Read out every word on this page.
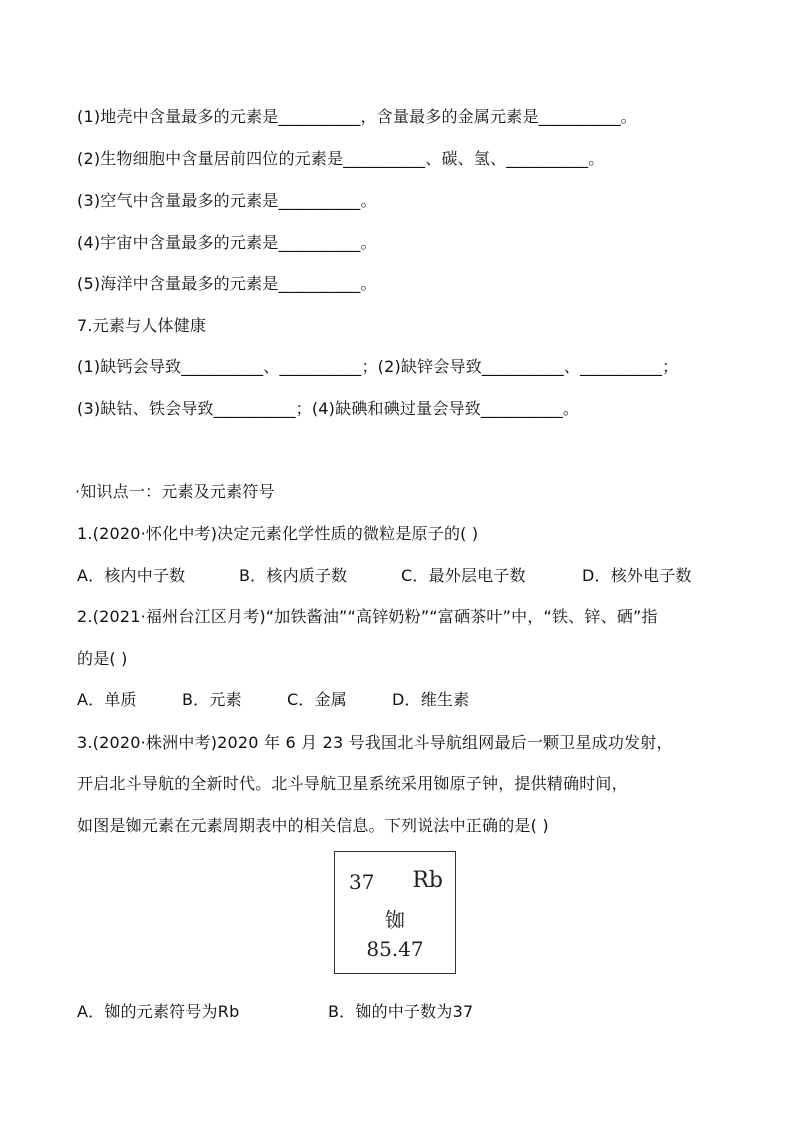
(1)地壳中含量最多的元素是__________，含量最多的金属元素是__________。
(2)生物细胞中含量居前四位的元素是__________、碳、氢、__________。
(3)空气中含量最多的元素是__________。
(4)宇宙中含量最多的元素是__________。
(5)海洋中含量最多的元素是__________。
7.元素与人体健康
(1)缺钙会导致__________、__________；(2)缺锌会导致__________、__________；
(3)缺钴、铁会导致__________；(4)缺碘和碘过量会导致__________。
·知识点一：元素及元素符号
1.(2020·怀化中考)决定元素化学性质的微粒是原子的( )
A．核内中子数	B．核内质子数	C．最外层电子数	D．核外电子数
2.(2021·福州台江区月考)“加铁酱油”“高锌奶粉”“富硒茶叶”中，“铁、锌、硒”指
的是( )
A．单质	B．元素	C．金属	D．维生素
3.(2020·株洲中考)2020 年 6 月 23 号我国北斗导航组网最后一颗卫星成功发射，
开启北斗导航的全新时代。北斗导航卫星系统采用铷原子钟，提供精确时间，
如图是铷元素在元素周期表中的相关信息。下列说法中正确的是( )
37 Rb
铷
85.47
A．铷的元素符号为Rb	B．铷的中子数为37
